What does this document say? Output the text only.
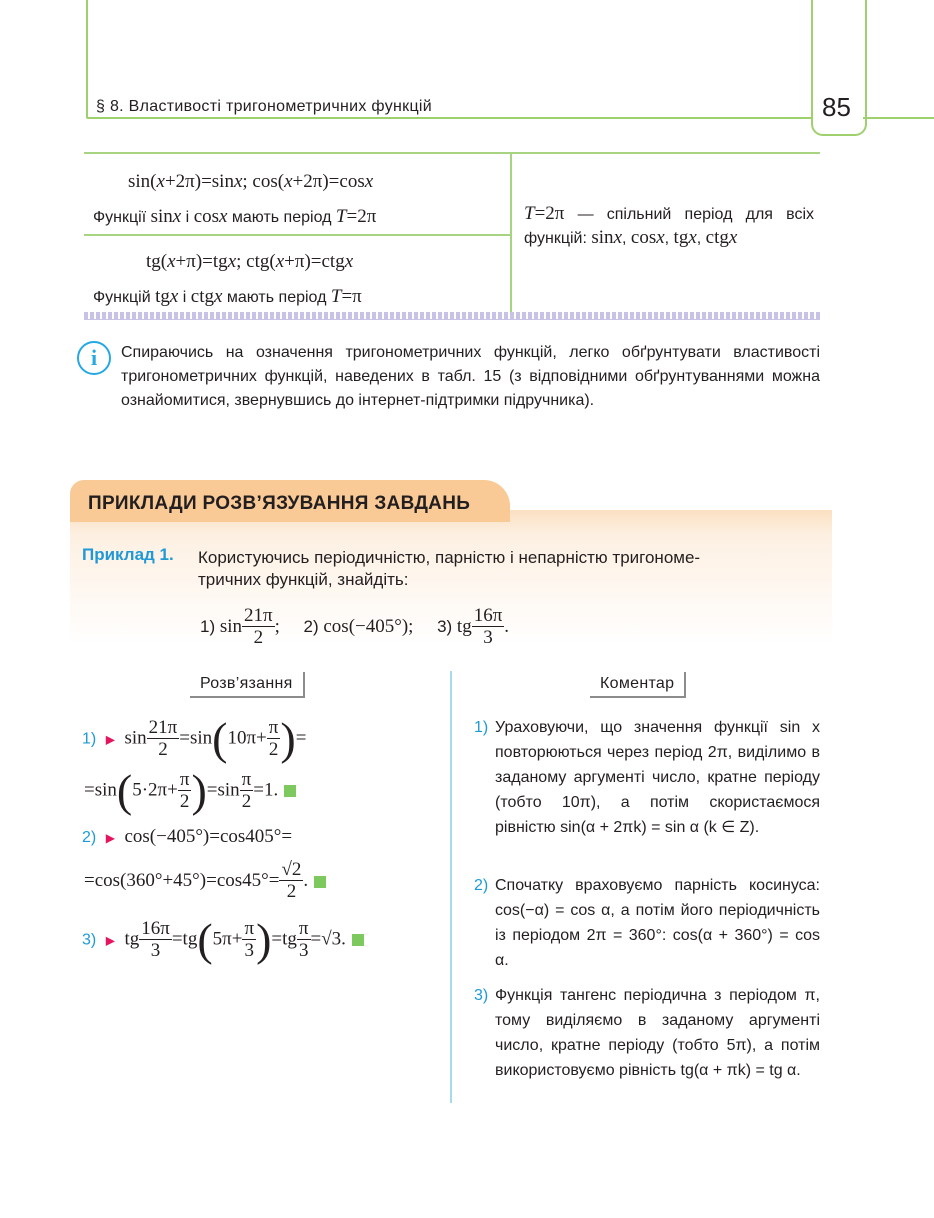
§ 8. Властивості тригонометричних функцій	85
sin(x+2π)=sinx; cos(x+2π)=cosx
Функції sinx і cosx мають період T=2π
tg(x+π)=tgx; ctg(x+π)=ctgx
Функцій tgx і ctgx мають період T=π
T=2π — спільний період для всіх функцій: sinx, cosx, tgx, ctgx
i	Спираючись на означення тригонометричних функцій, легко обґрунтувати властивості тригонометричних функцій, наведених в табл. 15 (з відповідними обґрунтуваннями можна ознайомитися, звернувшись до інтернет-підтримки підручника).
ПРИКЛАДИ РОЗВ’ЯЗУВАННЯ ЗАВДАНЬ
Приклад 1. Користуючись періодичністю, парністю і непарністю тригономе-
тричних функцій, знайдіть:
1) $\sin \frac{21\pi}{2}$ ;     2) cos(−405°);     3) tg $\frac{16\pi}{3}$ .
Розв’язання	Коментар
1) ▶  $\sin \frac{21\pi}{2} =\sin(10\pi+ \frac{\pi}{2}$ )=
$=\sin(5\cdot 2\pi+ \frac{\pi}{2} )=\sin \frac{\pi}{2} =1$.
2) ▶  cos(−405°)=cos405°=
$=\cos(360^\circ+45^\circ)=\cos 45^\circ= \frac{√2}{2}$ .
3) ▶  tg $\frac{16\pi}{3} =tg(5\pi+ \frac{\pi}{3} )=tg \frac{\pi}{3} =√3$.
1) Ураховуючи, що значення функції sin x повторюються через період 2π, виділимо в заданому аргументі число, кратне періоду (тобто 10π), а потім скористаємося рівністю sin(α + 2πk) = sin α (k ∈ Z).
2) Спочатку враховуємо парність косинуса: cos(−α) = cos α, а потім його періодичність із періодом 2π = 360°: cos(α + 360°) = cos α.
3) Функція тангенс періодична з періодом π, тому виділяємо в заданому аргументі число, кратне періоду (тобто 5π), а потім використовуємо рівність tg(α + πk) = tg α.
